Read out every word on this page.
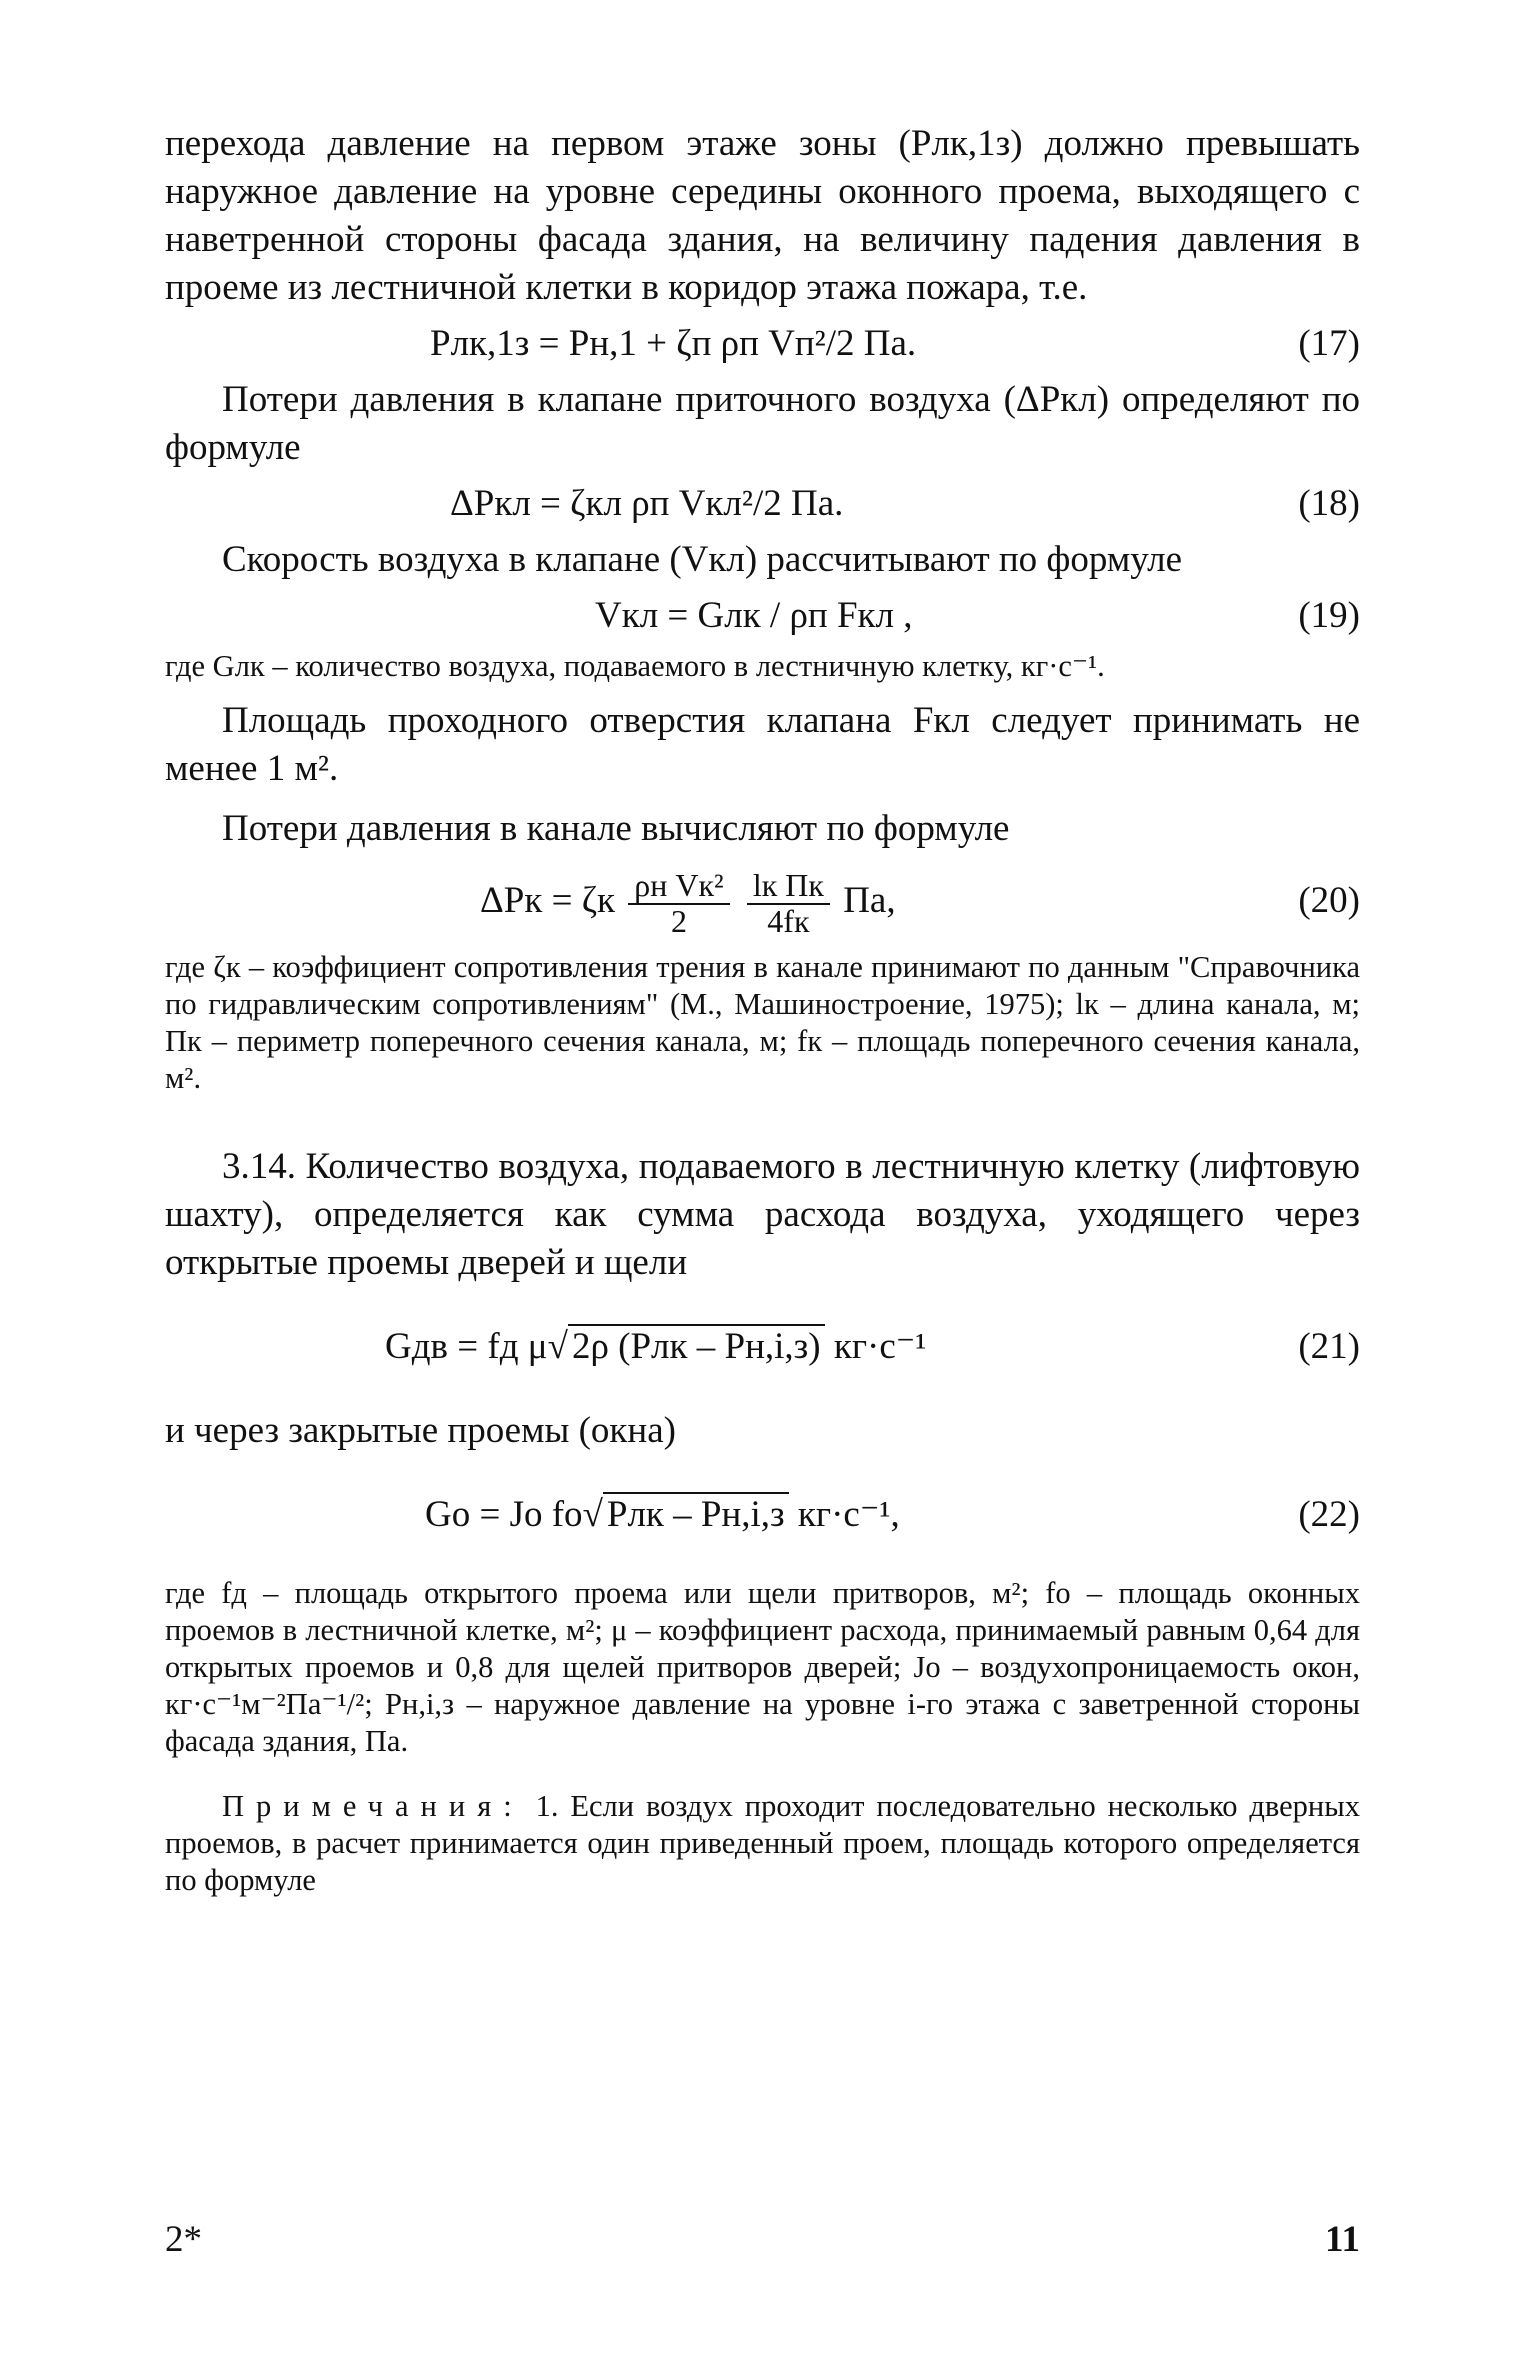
перехода давление на первом этаже зоны (Рлк,1з) должно превышать наружное давление на уровне середины оконного проема, выходящего с наветренной стороны фасада здания, на величину падения давления в проеме из лестничной клетки в коридор этажа пожара, т.е.

Рлк,1з = Рн,1 + ζп ρп Vп²/2 Па.	(17)

Потери давления в клапане приточного воздуха (ΔРкл) определяют по формуле

ΔРкл = ζкл ρп Vкл²/2 Па.	(18)

Скорость воздуха в клапане (Vкл) рассчитывают по формуле

Vкл = Gлк / ρп Fкл ,	(19)

где Gлк – количество воздуха, подаваемого в лестничную клетку, кг·с⁻¹.

Площадь проходного отверстия клапана Fкл следует принимать не менее 1 м².

Потери давления в канале вычисляют по формуле

ΔРк = ζк $\frac{\text{ρн Vк²}}{2}$
$\frac{\text{lк Пк}}{4fк}$ Па,	(20)

где ζк – коэффициент сопротивления трения в канале принимают по данным "Справочника по гидравлическим сопротивлениям" (М., Машиностроение, 1975); lк – длина канала, м; Пк – периметр поперечного сечения канала, м; fк – площадь поперечного сечения канала, м².

3.14. Количество воздуха, подаваемого в лестничную клетку (лифтовую шахту), определяется как сумма расхода воздуха, уходящего через открытые проемы дверей и щели

Gдв = fд μ√ 2ρ (Рлк – Рн,i,з) кг·с⁻¹	(21)

и через закрытые проемы (окна)

Gо = Jо fо√ Рлк – Рн,i,з кг·с⁻¹,	(22)

где fд – площадь открытого проема или щели притворов, м²; fо – площадь оконных проемов в лестничной клетке, м²; μ – коэффициент расхода, принимаемый равным 0,64 для открытых проемов и 0,8 для щелей притворов дверей; Jо – воздухопроницаемость окон, кг·с⁻¹м⁻²Па⁻¹/²; Рн,i,з – наружное давление на уровне i-го этажа с заветренной стороны фасада здания, Па.

Примечания: 1. Если воздух проходит последовательно несколько дверных проемов, в расчет принимается один приведенный проем, площадь которого определяется по формуле

2*	11
